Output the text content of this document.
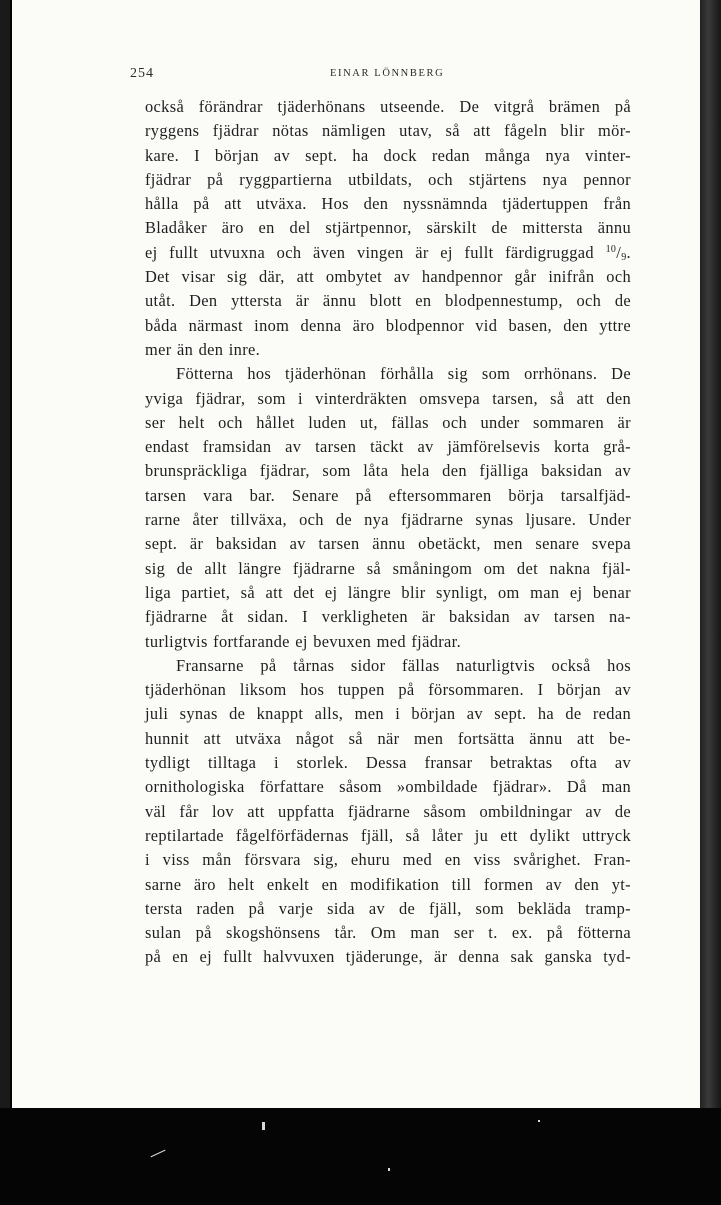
254	EINAR LÖNNBERG
också förändrar tjäderhönans utseende. De vitgrå brämen på
ryggens fjädrar nötas nämligen utav, så att fågeln blir mör-
kare. I början av sept. ha dock redan många nya vinter-
fjädrar på ryggpartierna utbildats, och stjärtens nya pennor
hålla på att utväxa. Hos den nyssnämnda tjädertuppen från
Bladåker äro en del stjärtpennor, särskilt de mittersta ännu
ej fullt utvuxna och även vingen är ej fullt färdigruggad $^{10}$/9.
Det visar sig där, att ombytet av handpennor går inifrån och
utåt. Den yttersta är ännu blott en blodpennestump, och de
båda närmast inom denna äro blodpennor vid basen, den yttre
mer än den inre.
Fötterna hos tjäderhönan förhålla sig som orrhönans. De
yviga fjädrar, som i vinterdräkten omsvepa tarsen, så att den
ser helt och hållet luden ut, fällas och under sommaren är
endast framsidan av tarsen täckt av jämförelsevis korta grå-
brunspräckliga fjädrar, som låta hela den fjälliga baksidan av
tarsen vara bar. Senare på eftersommaren börja tarsalfjäd-
rarne åter tillväxa, och de nya fjädrarne synas ljusare. Under
sept. är baksidan av tarsen ännu obetäckt, men senare svepa
sig de allt längre fjädrarne så småningom om det nakna fjäl-
liga partiet, så att det ej längre blir synligt, om man ej benar
fjädrarne åt sidan. I verkligheten är baksidan av tarsen na-
turligtvis fortfarande ej bevuxen med fjädrar.
Fransarne på tårnas sidor fällas naturligtvis också hos
tjäderhönan liksom hos tuppen på försommaren. I början av
juli synas de knappt alls, men i början av sept. ha de redan
hunnit att utväxa något så när men fortsätta ännu att be-
tydligt tilltaga i storlek. Dessa fransar betraktas ofta av
ornithologiska författare såsom »ombildade fjädrar». Då man
väl får lov att uppfatta fjädrarne såsom ombildningar av de
reptilartade fågelförfädernas fjäll, så låter ju ett dylikt uttryck
i viss mån försvara sig, ehuru med en viss svårighet. Fran-
sarne äro helt enkelt en modifikation till formen av den yt-
tersta raden på varje sida av de fjäll, som bekläda tramp-
sulan på skogshönsens tår. Om man ser t. ex. på fötterna
på en ej fullt halvvuxen tjäderunge, är denna sak ganska tyd-
